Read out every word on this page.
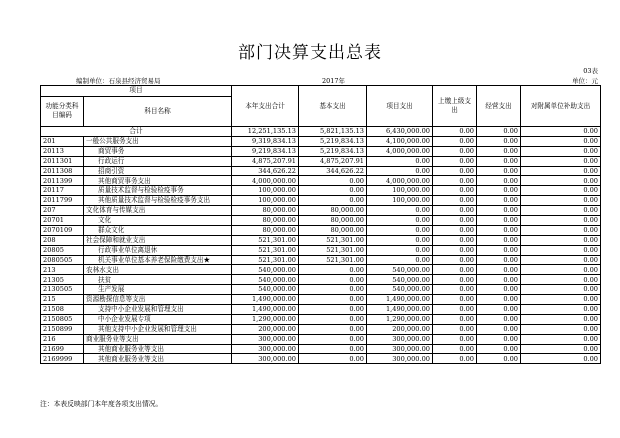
部门决算支出总表
03表
编制单位：石泉县经济贸易局	2017年	单位：元
项目		本年支出合计	基本支出	项目支出	上缴上级支出	经营支出	对附属单位补助支出
功能分类科目编码	科目名称						
合计		12,251,135.13	5,821,135.13	6,430,000.00	0.00	0.00	0.00
201	一般公共服务支出	9,319,834.13	5,219,834.13	4,100,000.00	0.00	0.00	0.00
20113	商贸事务	9,219,834.13	5,219,834.13	4,000,000.00	0.00	0.00	0.00
2011301	行政运行	4,875,207.91	4,875,207.91	0.00	0.00	0.00	0.00
2011308	招商引资	344,626.22	344,626.22	0.00	0.00	0.00	0.00
2011399	其他商贸事务支出	4,000,000.00	0.00	4,000,000.00	0.00	0.00	0.00
20117	质量技术监督与检验检疫事务	100,000.00	0.00	100,000.00	0.00	0.00	0.00
2011799	其他质量技术监督与检验检疫事务支出	100,000.00	0.00	100,000.00	0.00	0.00	0.00
207	文化体育与传媒支出	80,000.00	80,000.00	0.00	0.00	0.00	0.00
20701	文化	80,000.00	80,000.00	0.00	0.00	0.00	0.00
2070109	群众文化	80,000.00	80,000.00	0.00	0.00	0.00	0.00
208	社会保障和就业支出	521,301.00	521,301.00	0.00	0.00	0.00	0.00
20805	行政事业单位离退休	521,301.00	521,301.00	0.00	0.00	0.00	0.00
2080505	机关事业单位基本养老保险缴费支出★	521,301.00	521,301.00	0.00	0.00	0.00	0.00
213	农林水支出	540,000.00	0.00	540,000.00	0.00	0.00	0.00
21305	扶贫	540,000.00	0.00	540,000.00	0.00	0.00	0.00
2130505	生产发展	540,000.00	0.00	540,000.00	0.00	0.00	0.00
215	资源勘探信息等支出	1,490,000.00	0.00	1,490,000.00	0.00	0.00	0.00
21508	支持中小企业发展和管理支出	1,490,000.00	0.00	1,490,000.00	0.00	0.00	0.00
2150805	中小企业发展专项	1,290,000.00	0.00	1,290,000.00	0.00	0.00	0.00
2150899	其他支持中小企业发展和管理支出	200,000.00	0.00	200,000.00	0.00	0.00	0.00
216	商业服务业等支出	300,000.00	0.00	300,000.00	0.00	0.00	0.00
21699	其他商业服务业等支出	300,000.00	0.00	300,000.00	0.00	0.00	0.00
2169999	其他商业服务业等支出	300,000.00	0.00	300,000.00	0.00	0.00	0.00
注：本表反映部门本年度各项支出情况。
